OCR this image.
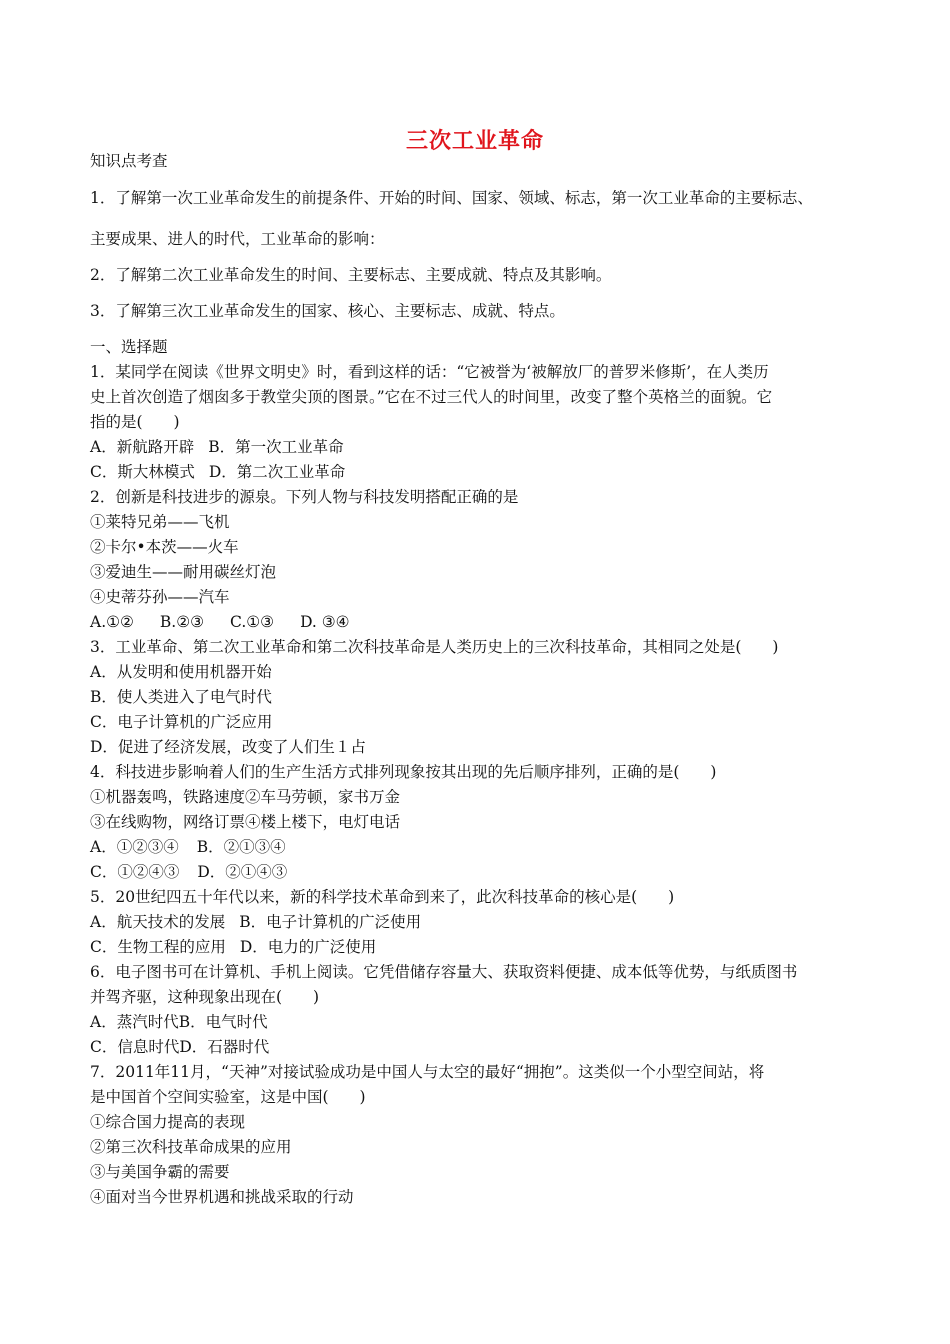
三次工业革命
知识点考查
1．了解第一次工业革命发生的前提条件、开始的时间、国家、领域、标志，第一次工业革命的主要标志、
主要成果、进人的时代，工业革命的影响：
2．了解第二次工业革命发生的时间、主要标志、主要成就、特点及其影响。
3．了解第三次工业革命发生的国家、核心、主要标志、成就、特点。
一、选择题
1．某同学在阅读《世界文明史》时，看到这样的话：“它被誉为‘被解放厂的普罗米修斯’，在人类历
史上首次创造了烟囱多于教堂尖顶的图景。”它在不过三代人的时间里，改变了整个英格兰的面貌。它
指的是(　　)
A．新航路开辟 B．第一次工业革命
C．斯大林模式 D．第二次工业革命
2．创新是科技进步的源泉。下列人物与科技发明搭配正确的是
①莱特兄弟——飞机
②卡尔•本茨——火车
③爱迪生——耐用碳丝灯泡
④史蒂芬孙——汽车
A.①② B.②③ C.①③ D. ③④
3．工业革命、第二次工业革命和第二次科技革命是人类历史上的三次科技革命，其相同之处是(　　)
A．从发明和使用机器开始
B．使人类进入了电气时代
C．电子计算机的广泛应用
D．促进了经济发展，改变了人们生１占
4．科技进步影响着人们的生产生活方式排列现象按其出现的先后顺序排列，正确的是(　　)
①机器轰鸣，铁路速度②车马劳顿，家书万金
③在线购物，网络订票④楼上楼下，电灯电话
A．①②③④ B．②①③④
C．①②④③ D．②①④③
5．20世纪四五十年代以来，新的科学技术革命到来了，此次科技革命的核心是(　　)
A．航天技术的发展 B．电子计算机的广泛使用
C．生物工程的应用 D．电力的广泛使用
6．电子图书可在计算机、手机上阅读。它凭借储存容量大、获取资料便捷、成本低等优势，与纸质图书
并驾齐驱，这种现象出现在(　　)
A．蒸汽时代B．电气时代
C．信息时代D．石器时代
7．2011年11月，“天神”对接试验成功是中国人与太空的最好“拥抱”。这类似一个小型空间站，将
是中国首个空间实验室，这是中国(　　)
①综合国力提高的表现
②第三次科技革命成果的应用
③与美国争霸的需要
④面对当今世界机遇和挑战采取的行动
